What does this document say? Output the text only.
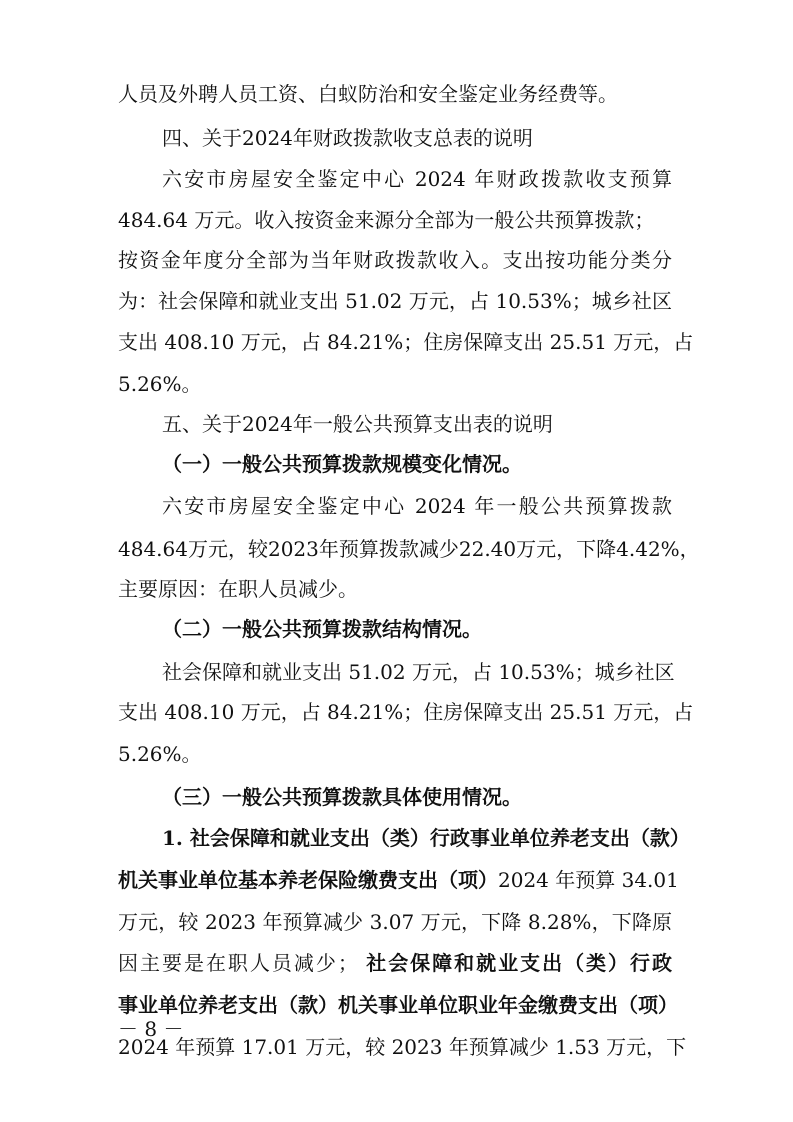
人员及外聘人员工资、白蚁防治和安全鉴定业务经费等。
四、关于2024年财政拨款收支总表的说明
六安市房屋安全鉴定中心 2024 年财政拨款收支预算
484.64 万元。收入按资金来源分全部为一般公共预算拨款；
按资金年度分全部为当年财政拨款收入。支出按功能分类分
为：社会保障和就业支出 51.02 万元，占 10.53%；城乡社区
支出 408.10 万元，占 84.21%；住房保障支出 25.51 万元，占
5.26%。
五、关于2024年一般公共预算支出表的说明
（一）一般公共预算拨款规模变化情况。
六安市房屋安全鉴定中心 2024 年一般公共预算拨款
484.64万元，较2023年预算拨款减少22.40万元，下降4.42%，
主要原因：在职人员减少。
（二）一般公共预算拨款结构情况。
社会保障和就业支出 51.02 万元，占 10.53%；城乡社区
支出 408.10 万元，占 84.21%；住房保障支出 25.51 万元，占
5.26%。
（三）一般公共预算拨款具体使用情况。
1. 社会保障和就业支出（类）行政事业单位养老支出（款）
机关事业单位基本养老保险缴费支出（项）2024 年预算 34.01
万元，较 2023 年预算减少 3.07 万元，下降 8.28%，下降原
因主要是在职人员减少； 社会保障和就业支出（类）行政
事业单位养老支出（款）机关事业单位职业年金缴费支出（项）
2024 年预算 17.01 万元，较 2023 年预算减少 1.53 万元，下
－ 8 －
